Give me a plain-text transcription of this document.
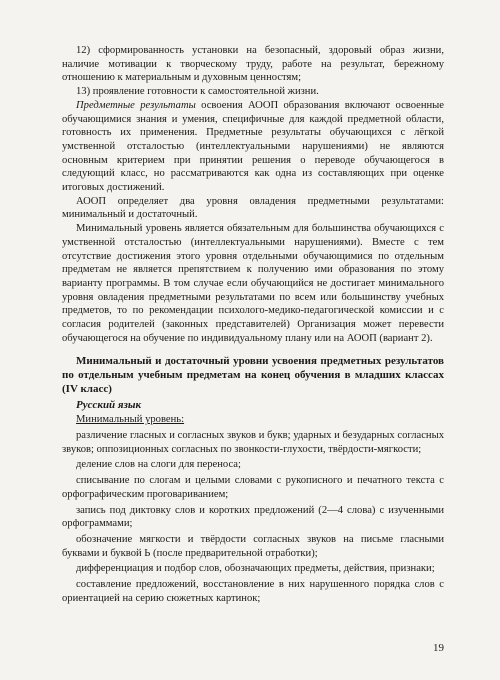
12) сформированность установки на безопасный, здоровый образ жизни, наличие мотивации к творческому труду, работе на результат, бережному отношению к материальным и духовным ценностям;

13) проявление готовности к самостоятельной жизни.

Предметные результаты освоения АООП образования включают освоенные обучающимися знания и умения, специфичные для каждой предметной области, готовность их применения. Предметные результаты обучающихся с лёгкой умственной отсталостью (интеллектуальными нарушениями) не являются основным критерием при принятии решения о переводе обучающегося в следующий класс, но рассматриваются как одна из составляющих при оценке итоговых достижений.

АООП определяет два уровня овладения предметными результатами: минимальный и достаточный.

Минимальный уровень является обязательным для большинства обучающихся с умственной отсталостью (интеллектуальными нарушениями). Вместе с тем отсутствие достижения этого уровня отдельными обучающимися по отдельным предметам не является препятствием к получению ими образования по этому варианту программы. В том случае если обучающийся не достигает минимального уровня овладения предметными результатами по всем или большинству учебных предметов, то по рекомендации психолого-медико-педагогической комиссии и с согласия родителей (законных представителей) Организация может перевести обучающегося на обучение по индивидуальному плану или на АООП (вариант 2).

Минимальный и достаточный уровни усвоения предметных результатов по отдельным учебным предметам на конец обучения в младших классах (IV класс)
Русский язык
Минимальный уровень:

различение гласных и согласных звуков и букв; ударных и безударных согласных звуков; оппозиционных согласных по звонкости-глухости, твёрдости-мягкости;

деление слов на слоги для переноса;

списывание по слогам и целыми словами с рукописного и печатного текста с орфографическим проговариванием;

запись под диктовку слов и коротких предложений (2—4 слова) с изученными орфограммами;

обозначение мягкости и твёрдости согласных звуков на письме гласными буквами и буквой Ь (после предварительной отработки);

дифференциация и подбор слов, обозначающих предметы, действия, признаки;

составление предложений, восстановление в них нарушенного порядка слов с ориентацией на серию сюжетных картинок;

19
